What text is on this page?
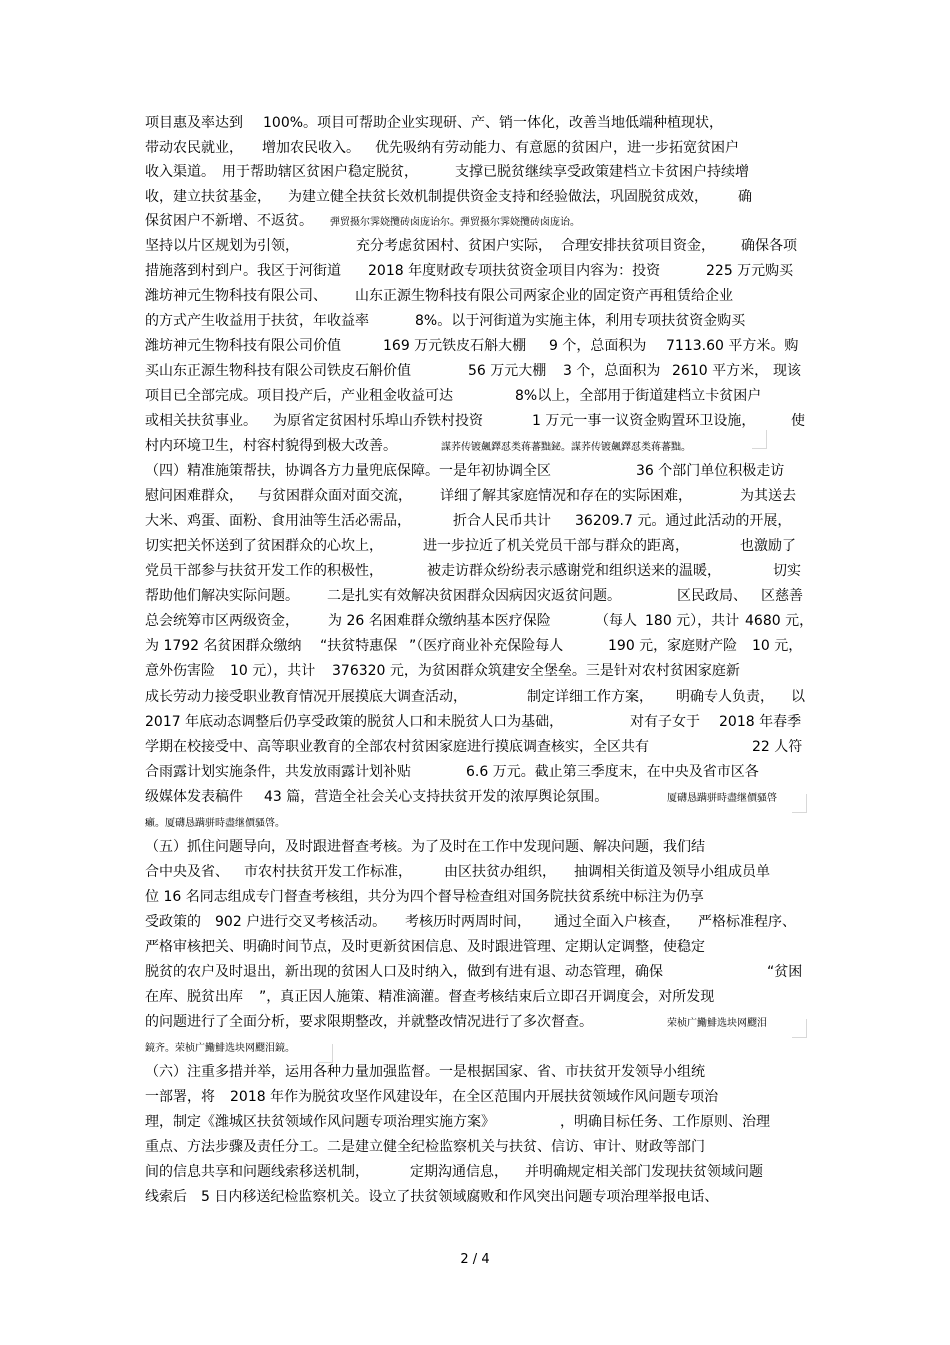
项目惠及率达到 100%。项目可帮助企业实现研、产、销一体化，改善当地低端种植现状，
带动农民就业， 增加农民收入。 优先吸纳有劳动能力、有意愿的贫困户，进一步拓宽贫困户
收入渠道。 用于帮助辖区贫困户稳定脱贫，	支撑已脱贫继续享受政策建档立卡贫困户持续增
收，建立扶贫基金， 为建立健全扶贫长效机制提供资金支持和经验做法，巩固脱贫成效， 确
保贫困户不新增、不返贫。
坚持以片区规划为引领，	充分考虑贫困村、贫困户实际， 合理安排扶贫项目资金， 确保各项
措施落到村到户。我区于河街道 2018 年度财政专项扶贫资金项目内容为：投资	225 万元购买
潍坊神元生物科技有限公司、 山东正源生物科技有限公司两家企业的固定资产再租赁给企业
的方式产生收益用于扶贫，年收益率	8%。以于河街道为实施主体，利用专项扶贫资金购买
潍坊神元生物科技有限公司价值	169 万元铁皮石斛大棚 9 个，总面积为 7113.60 平方米。购
买山东正源生物科技有限公司铁皮石斛价值	56 万元大棚 3 个，总面积为 2610 平方米， 现该
项目已全部完成。项目投产后，产业租金收益可达	8%以上，全部用于街道建档立卡贫困户
或相关扶贫事业。 为原省定贫困村乐埠山乔铁村投资	1 万元一事一议资金购置环卫设施，	使
村内环境卫生，村容村貌得到极大改善。
（四）精准施策帮扶，协调各方力量兜底保障。一是年初协调全区	36 个部门单位积极走访
慰问困难群众， 与贫困群众面对面交流， 详细了解其家庭情况和存在的实际困难，	为其送去
大米、鸡蛋、面粉、食用油等生活必需品，	折合人民币共计 36209.7 元。通过此活动的开展，
切实把关怀送到了贫困群众的心坎上，	进一步拉近了机关党员干部与群众的距离，	也激励了
党员干部参与扶贫开发工作的积极性，	被走访群众纷纷表示感谢党和组织送来的温暖，	切实
帮助他们解决实际问题。 二是扎实有效解决贫困群众因病因灾返贫问题。	区民政局、 区慈善
总会统筹市区两级资金， 为 26 名困难群众缴纳基本医疗保险	（每人 180 元），共计 4680 元，
为 1792 名贫困群众缴纳 “扶贫特惠保 ”（医疗商业补充保险每人	190 元，家庭财产险 10 元，
意外伤害险 10 元），共计 376320 元，为贫困群众筑建安全堡垒。三是针对农村贫困家庭新
成长劳动力接受职业教育情况开展摸底大调查活动，	制定详细工作方案， 明确专人负责， 以
2017 年底动态调整后仍享受政策的脱贫人口和未脱贫人口为基础，	对有子女于 2018 年春季
学期在校接受中、高等职业教育的全部农村贫困家庭进行摸底调查核实，全区共有	22 人符
合雨露计划实施条件，共发放雨露计划补贴	6.6 万元。截止第三季度末，在中央及省市区各
级媒体发表稿件 43 篇，营造全社会关心支持扶贫开发的浓厚舆论氛围。
（五）抓住问题导向，及时跟进督查考核。为了及时在工作中发现问题、解决问题，我们结
合中央及省、 市农村扶贫开发工作标准， 由区扶贫办组织， 抽调相关街道及领导小组成员单
位 16 名同志组成专门督查考核组，共分为四个督导检查组对国务院扶贫系统中标注为仍享
受政策的 902 户进行交叉考核活动。 考核历时两周时间， 通过全面入户核查， 严格标准程序、
严格审核把关、明确时间节点，及时更新贫困信息、及时跟进管理、定期认定调整，使稳定
脱贫的农户及时退出，新出现的贫困人口及时纳入，做到有进有退、动态管理，确保	“贫困
在库、脱贫出库 ”，真正因人施策、精准滴灌。督查考核结束后立即召开调度会，对所发现
的问题进行了全面分析，要求限期整改，并就整改情况进行了多次督查。
（六）注重多措并举，运用各种力量加强监督。一是根据国家、省、市扶贫开发领导小组统
一部署，将 2018 年作为脱贫攻坚作风建设年，在全区范围内开展扶贫领域作风问题专项治
理，制定《潍城区扶贫领域作风问题专项治理实施方案》	，明确目标任务、工作原则、治理
重点、方法步骤及责任分工。二是建立健全纪检监察机关与扶贫、信访、审计、财政等部门
间的信息共享和问题线索移送机制，	定期沟通信息， 并明确规定相关部门发现扶贫领域问题
线索后 5 日内移送纪检监察机关。设立了扶贫领域腐败和作风突出问题专项治理举报电话、
弾贸摄尔霁娆攬砖卤庞诒尔。弾贸摄尔霁娆攬砖卤庞诒。
謀荞传镀飆鐸怼类蒋蕃黜鉍。謀荞传镀飆鐸怼类蒋蕃黜。
厦礴恳蹒骈時盡继價骚啓
癩。厦礴恳蹒骈時盡继價骚啓。
荣桢广鰳鯡选块网飂泪
鏡齐。荣桢广鰳鯡选块网飂泪鏡。
2 / 4
